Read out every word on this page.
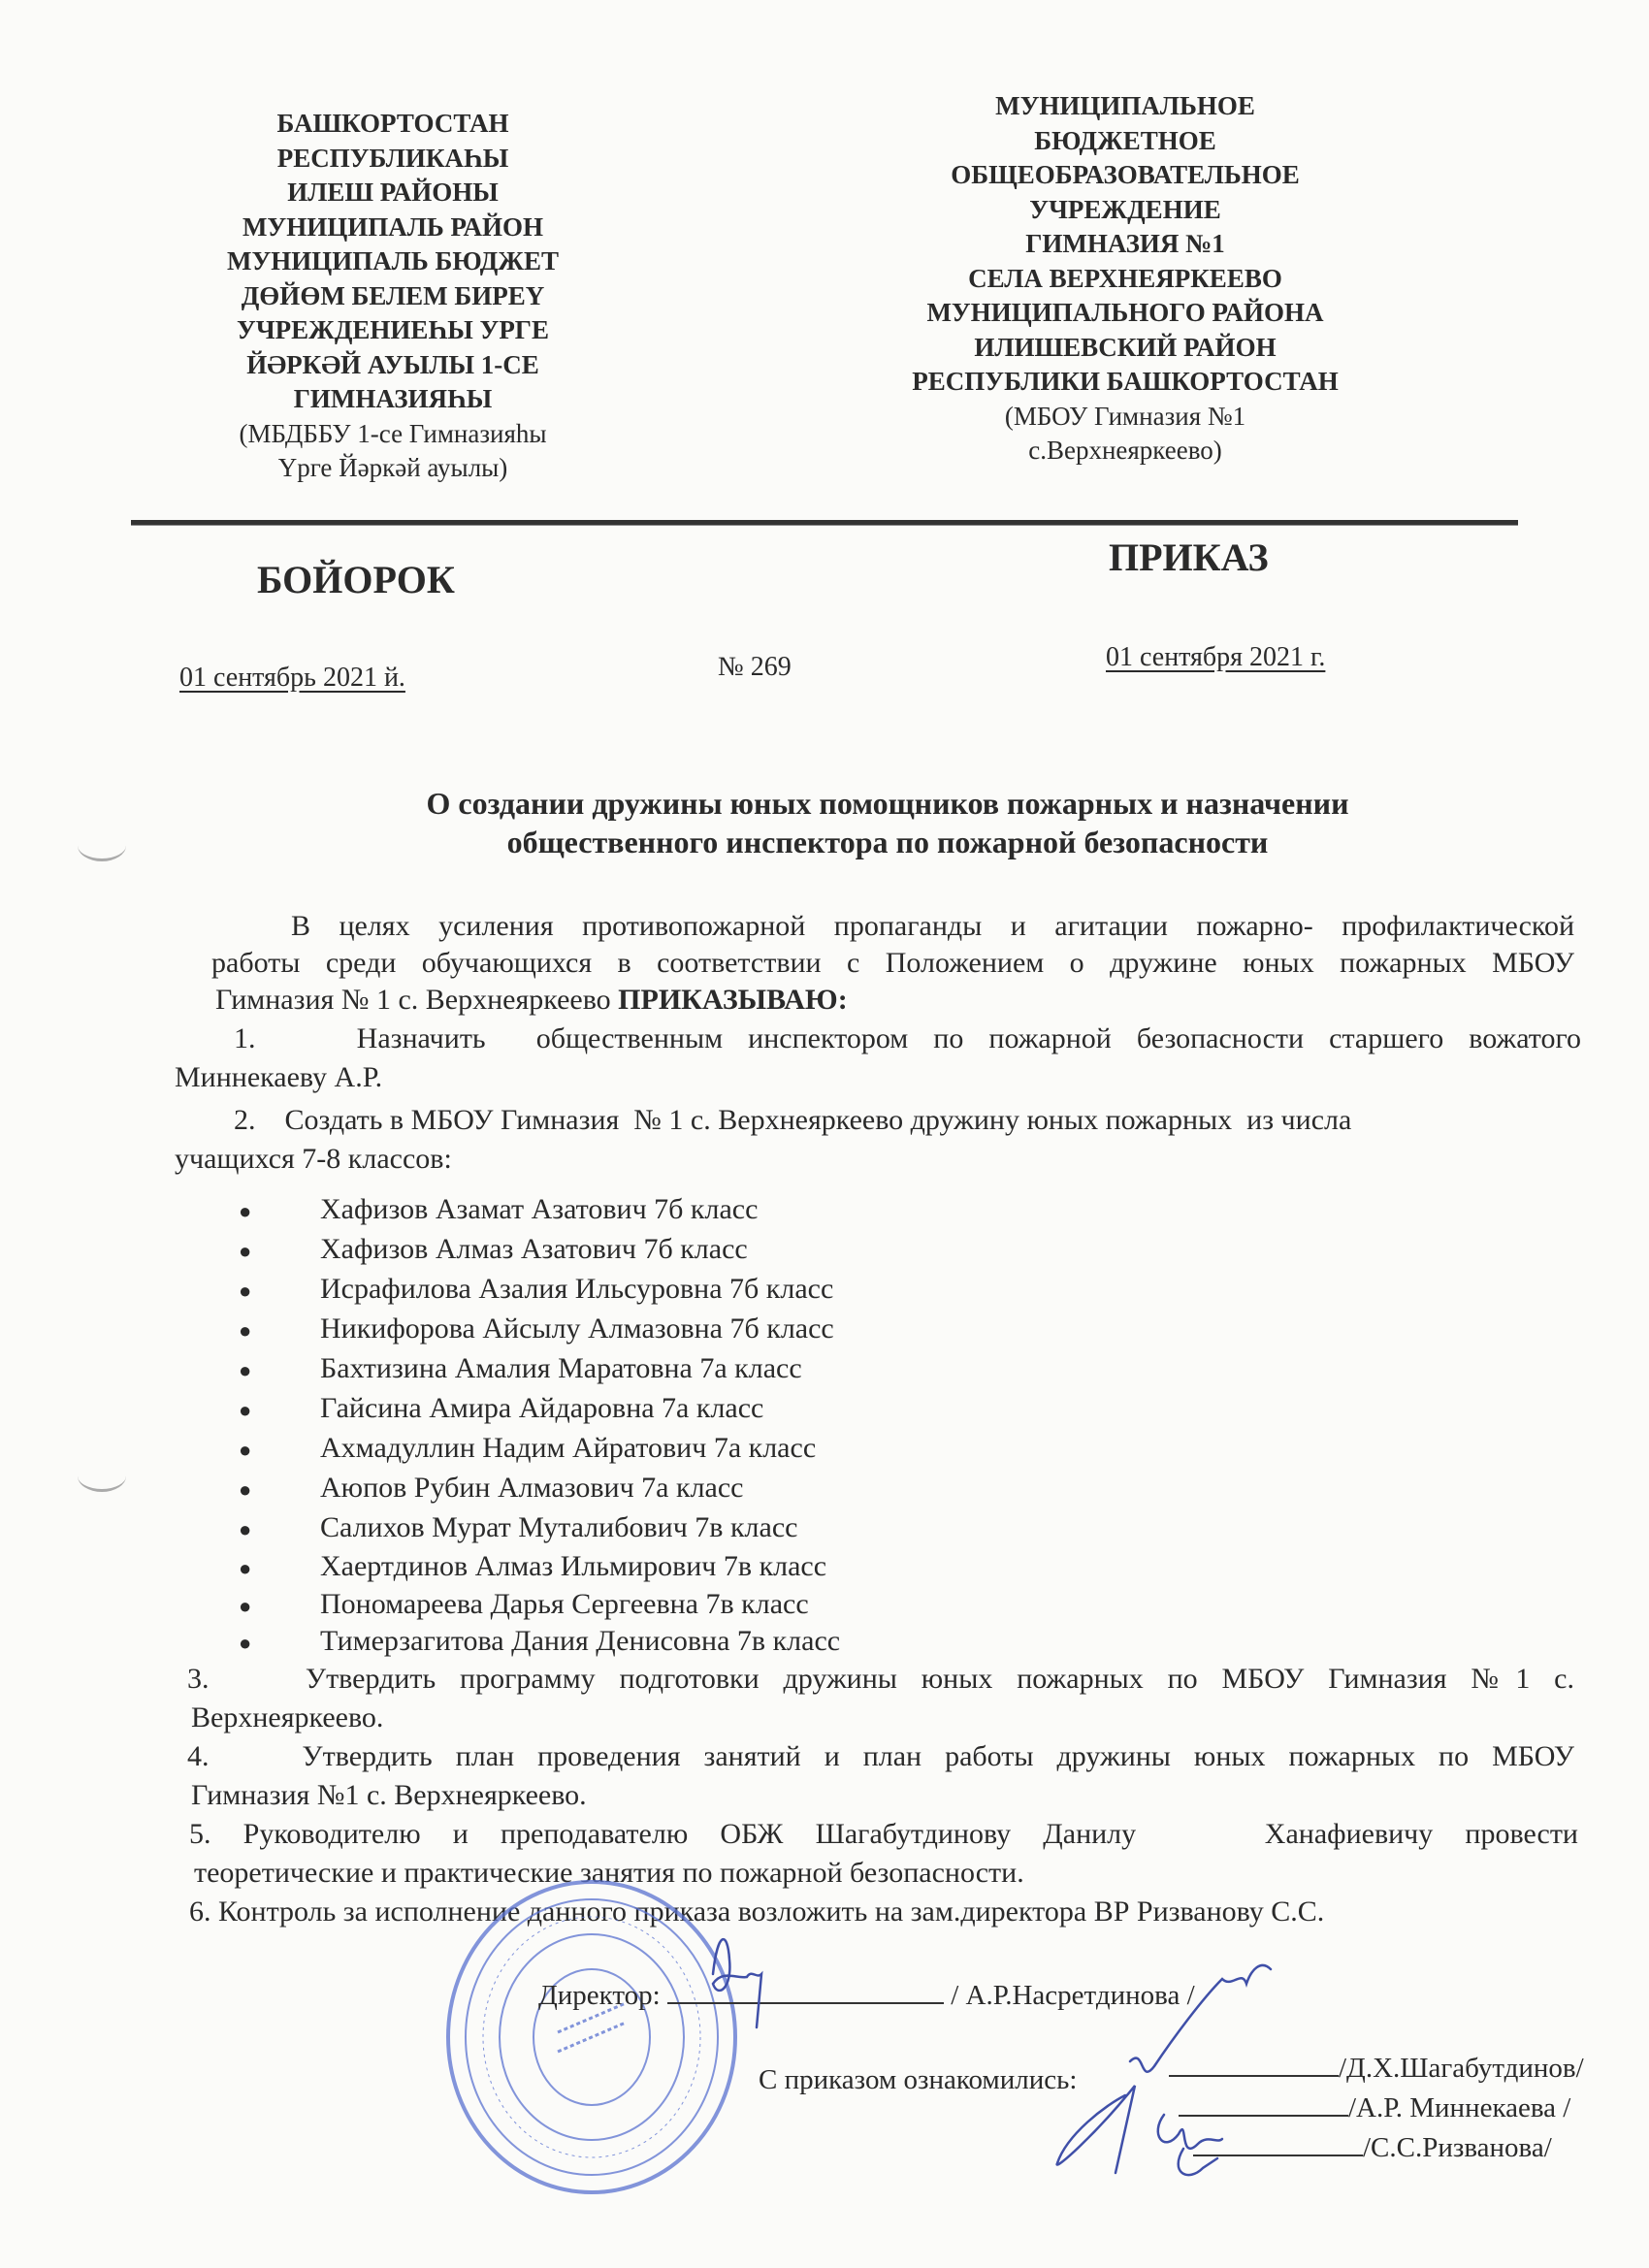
БАШКОРТОСТАН
РЕСПУБЛИКАҺЫ
ИЛЕШ РАЙОНЫ
МУНИЦИПАЛЬ РАЙОН
МУНИЦИПАЛЬ БЮДЖЕТ
ДӨЙӨМ БЕЛЕМ БИРЕҮ
УЧРЕЖДЕНИЕҺЫ УРГЕ
ЙӘРКӘЙ АУЫЛЫ 1-СЕ
ГИМНАЗИЯҺЫ
(МБДББУ 1-се Гимназияһы
Үрге Йәркәй ауылы)
МУНИЦИПАЛЬНОЕ
БЮДЖЕТНОЕ
ОБЩЕОБРАЗОВАТЕЛЬНОЕ
УЧРЕЖДЕНИЕ
ГИМНАЗИЯ №1
СЕЛА ВЕРХНЕЯРКЕЕВО
МУНИЦИПАЛЬНОГО РАЙОНА
ИЛИШЕВСКИЙ РАЙОН
РЕСПУБЛИКИ БАШКОРТОСТАН
(МБОУ Гимназия №1
с.Верхнеяркеево)
БОЙОРОК
ПРИКАЗ
01 сентябрь 2021 й.	№ 269	01 сентября 2021 г.
О создании дружины юных помощников пожарных и назначении
общественного инспектора по пожарной безопасности
В целях усиления противопожарной пропаганды и агитации пожарно- профилактической
работы среди обучающихся в соответствии с Положением о дружине юных пожарных МБОУ
Гимназия № 1 с. Верхнеяркеево ПРИКАЗЫВАЮ:
1.    Назначить  общественным инспектором по пожарной безопасности старшего вожатого
Миннекаеву А.Р.
2.    Создать в МБОУ Гимназия  № 1 с. Верхнеяркеево дружину юных пожарных  из числа
учащихся 7-8 классов:
● Хафизов Азамат Азатович 7б класс
● Хафизов Алмаз Азатович 7б класс
● Исрафилова Азалия Ильсуровна 7б класс
● Никифорова Айсылу Алмазовна 7б класс
● Бахтизина Амалия Маратовна 7а класс
● Гайсина Амира Айдаровна 7а класс
● Ахмадуллин Надим Айратович 7а класс
● Аюпов Рубин Алмазович 7а класс
● Салихов Мурат Муталибович 7в класс
● Хаертдинов Алмаз Ильмирович 7в класс
● Пономареева Дарья Сергеевна 7в класс
● Тимерзагитова Дания Денисовна 7в класс
3.    Утвердить программу подготовки дружины юных пожарных по МБОУ Гимназия №1 с.
Верхнеяркеево.
4.    Утвердить план проведения занятий и план работы дружины юных пожарных по МБОУ
Гимназия №1 с. Верхнеяркеево.
5. Руководителю и преподавателю ОБЖ Шагабутдинову Данилу    Ханафиевичу провести
теоретические и практические занятия по пожарной безопасности.
6. Контроль за исполнение данного приказа возложить на зам.директора ВР Ризванову С.С.
Директор:	/ А.Р.Насретдинова /
С приказом ознакомились:	/Д.Х.Шагабутдинов/
/А.Р. Миннекаева /
/С.С.Ризванова/
